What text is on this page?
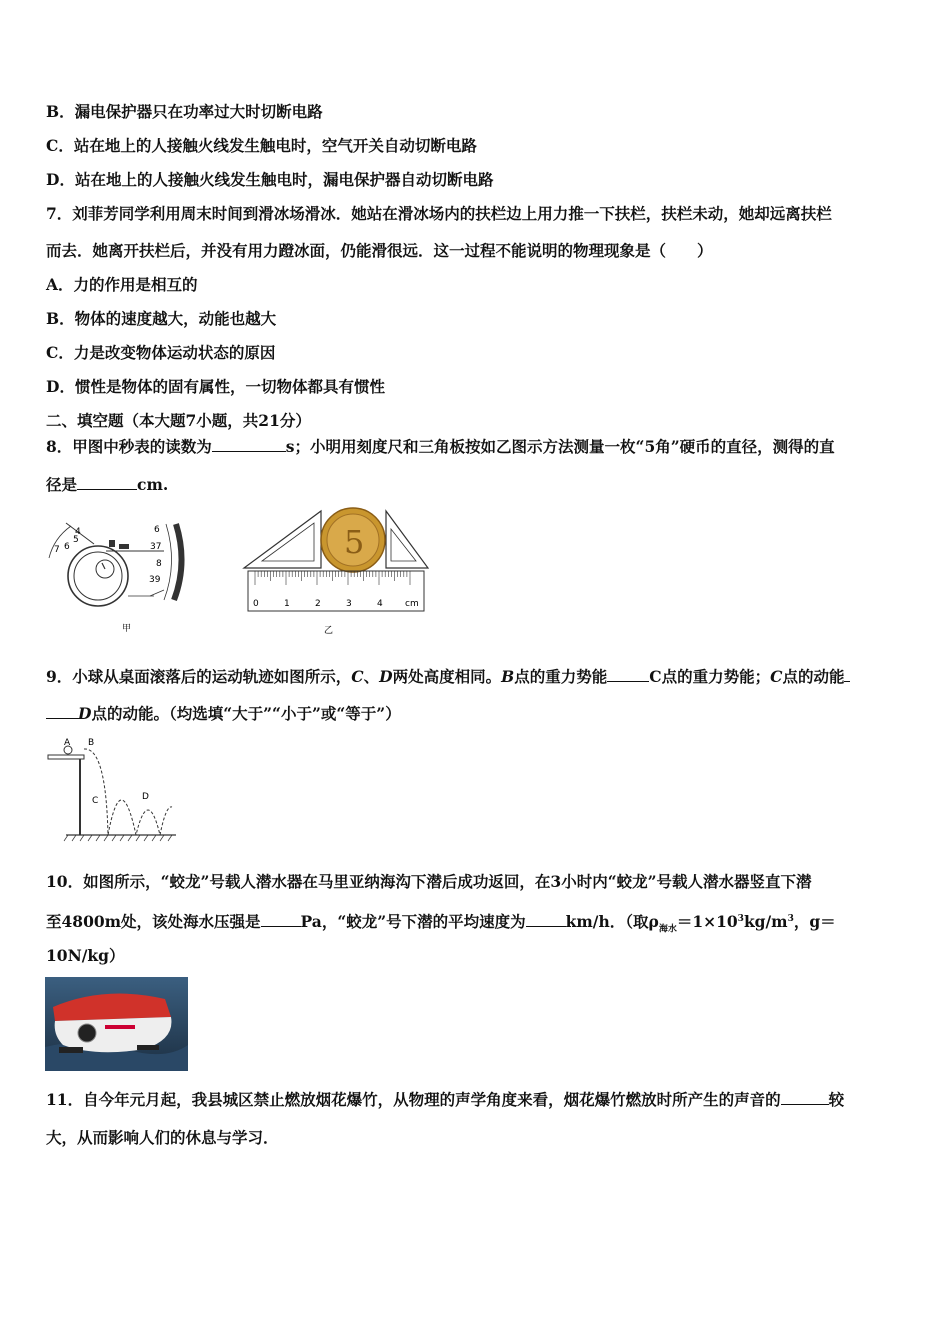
B．漏电保护器只在功率过大时切断电路
C．站在地上的人接触火线发生触电时，空气开关自动切断电路
D．站在地上的人接触火线发生触电时，漏电保护器自动切断电路
7．刘菲芳同学利用周末时间到滑冰场滑冰．她站在滑冰场内的扶栏边上用力推一下扶栏，扶栏未动，她却远离扶栏
而去．她离开扶栏后，并没有用力蹬冰面，仍能滑很远．这一过程不能说明的物理现象是（　　）
A．力的作用是相互的
B．物体的速度越大，动能也越大
C．力是改变物体运动状态的原因
D．惯性是物体的固有属性，一切物体都具有惯性
二、填空题（本大题7小题，共21分）
8．甲图中秒表的读数为	s；小明用刻度尺和三角板按如乙图示方法测量一枚“5角”硬币的直径，测得的直
径是	cm.
6
37
8
39
4
5
6
7
甲
5
0	1	2	3	4 cm
乙
9．小球从桌面滚落后的运动轨迹如图所示，C、D两处高度相同。B点的重力势能	C点的重力势能；C点的动能
D点的动能。（均选填“大于”“小于”或“等于”）
A B
C	D
10．如图所示，“蛟龙”号载人潜水器在马里亚纳海沟下潜后成功返回，在3小时内“蛟龙”号载人潜水器竖直下潜
至4800m处，该处海水压强是	Pa，“蛟龙”号下潜的平均速度为	km/h．（取$\rho_{海水}=1\times 10^3kg/m^3$，g＝
10N/kg）
11．自今年元月起，我县城区禁止燃放烟花爆竹，从物理的声学角度来看，烟花爆竹燃放时所产生的声音的	较
大，从而影响人们的休息与学习．
